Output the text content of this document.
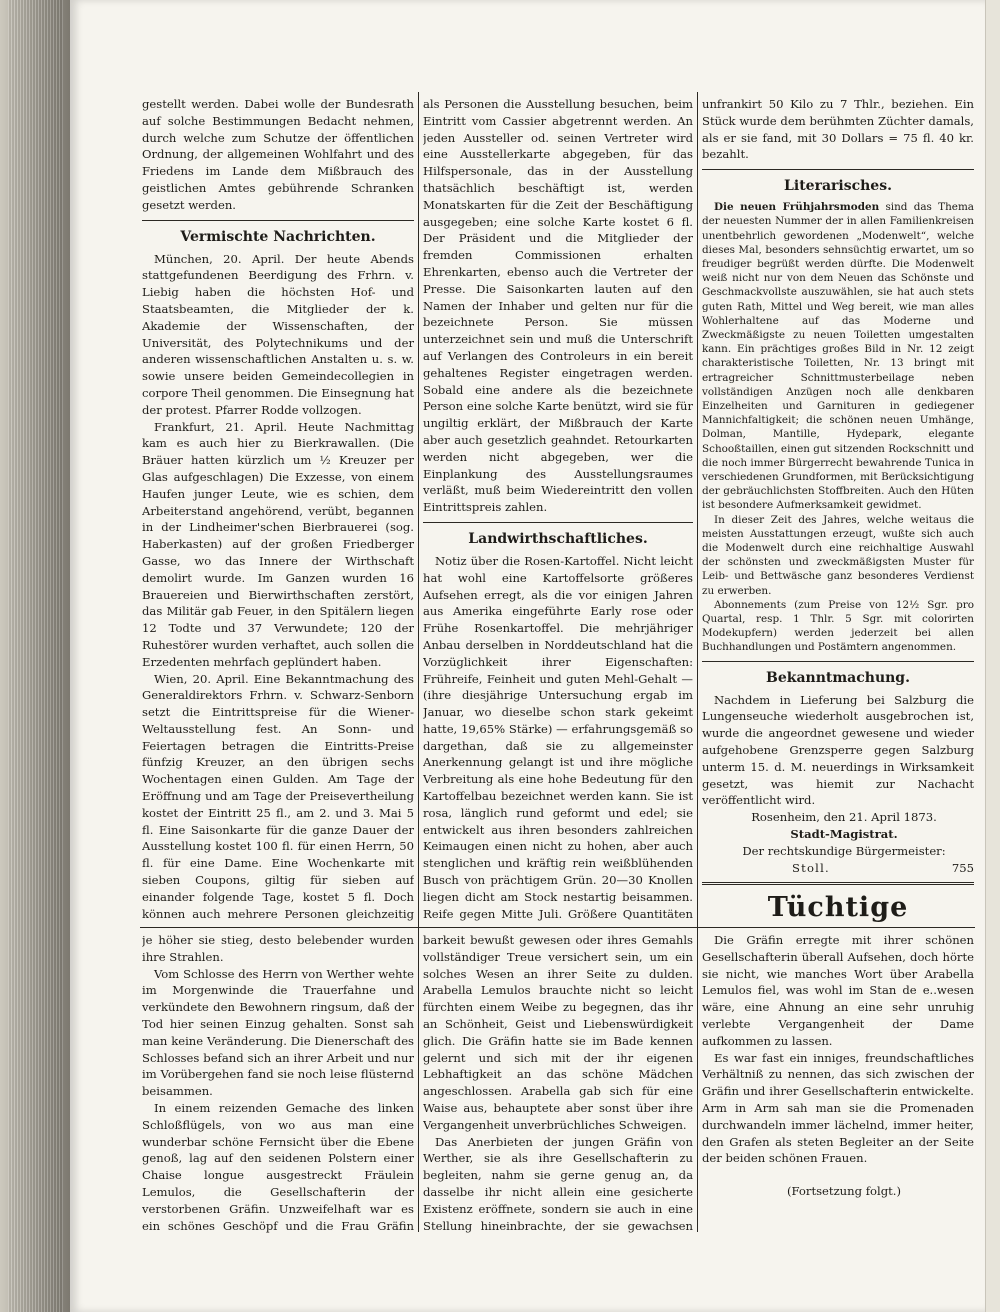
gestellt werden. Dabei wolle der Bundesrath auf solche Bestimmungen Bedacht nehmen, durch welche zum Schutze der öffentlichen Ordnung, der allgemeinen Wohlfahrt und des Friedens im Lande dem Mißbrauch des geistlichen Amtes gebührende Schranken gesetzt werden.

Vermischte Nachrichten.

München, 20. April. Der heute Abends stattgefundenen Beerdigung des Frhrn. v. Liebig haben die höchsten Hof- und Staatsbeamten, die Mitglieder der k. Akademie der Wissenschaften, der Universität, des Polytechnikums und der anderen wissenschaftlichen Anstalten u. s. w. sowie unsere beiden Gemeindecollegien in corpore Theil genommen. Die Einsegnung hat der protest. Pfarrer Rodde vollzogen.

Frankfurt, 21. April. Heute Nachmittag kam es auch hier zu Bierkrawallen. (Die Bräuer hatten kürzlich um ½ Kreuzer per Glas aufgeschlagen) Die Exzesse, von einem Haufen junger Leute, wie es schien, dem Arbeiterstand angehörend, verübt, begannen in der Lindheimer'schen Bierbrauerei (sog. Haberkasten) auf der großen Friedberger Gasse, wo das Innere der Wirthschaft demolirt wurde. Im Ganzen wurden 16 Brauereien und Bierwirthschaften zerstört, das Militär gab Feuer, in den Spitälern liegen 12 Todte und 37 Verwundete; 120 der Ruhestörer wurden verhaftet, auch sollen die Erzedenten mehrfach geplündert haben.

Wien, 20. April. Eine Bekanntmachung des Generaldirektors Frhrn. v. Schwarz-Senborn setzt die Eintrittspreise für die Wiener-Weltausstellung fest. An Sonn- und Feiertagen betragen die Eintritts-Preise fünfzig Kreuzer, an den übrigen sechs Wochentagen einen Gulden. Am Tage der Eröffnung und am Tage der Preisevertheilung kostet der Eintritt 25 fl., am 2. und 3. Mai 5 fl. Eine Saisonkarte für die ganze Dauer der Ausstellung kostet 100 fl. für einen Herrn, 50 fl. für eine Dame. Eine Wochenkarte mit sieben Coupons, giltig für sieben auf einander folgende Tage, kostet 5 fl. Doch können auch mehrere Personen gleichzeitig

als Personen die Ausstellung besuchen, beim Eintritt vom Cassier abgetrennt werden. An jeden Aussteller od. seinen Vertreter wird eine Ausstellerkarte abgegeben, für das Hilfspersonale, das in der Ausstellung thatsächlich beschäftigt ist, werden Monatskarten für die Zeit der Beschäftigung ausgegeben; eine solche Karte kostet 6 fl. Der Präsident und die Mitglieder der fremden Commissionen erhalten Ehrenkarten, ebenso auch die Vertreter der Presse. Die Saisonkarten lauten auf den Namen der Inhaber und gelten nur für die bezeichnete Person. Sie müssen unterzeichnet sein und muß die Unterschrift auf Verlangen des Controleurs in ein bereit gehaltenes Register eingetragen werden. Sobald eine andere als die bezeichnete Person eine solche Karte benützt, wird sie für ungiltig erklärt, der Mißbrauch der Karte aber auch gesetzlich geahndet. Retourkarten werden nicht abgegeben, wer die Einplankung des Ausstellungsraumes verläßt, muß beim Wiedereintritt den vollen Eintrittspreis zahlen.

Landwirthschaftliches.

Notiz über die Rosen-Kartoffel. Nicht leicht hat wohl eine Kartoffelsorte größeres Aufsehen erregt, als die vor einigen Jahren aus Amerika eingeführte Early rose oder Frühe Rosenkartoffel. Die mehrjähriger Anbau derselben in Norddeutschland hat die Vorzüglichkeit ihrer Eigenschaften: Frühreife, Feinheit und guten Mehl-Gehalt — (ihre diesjährige Untersuchung ergab im Januar, wo dieselbe schon stark gekeimt hatte, 19,65% Stärke) — erfahrungsgemäß so dargethan, daß sie zu allgemeinster Anerkennung gelangt ist und ihre mögliche Verbreitung als eine hohe Bedeutung für den Kartoffelbau bezeichnet werden kann. Sie ist rosa, länglich rund geformt und edel; sie entwickelt aus ihren besonders zahlreichen Keimaugen einen nicht zu hohen, aber auch stenglichen und kräftig rein weißblühenden Busch von prächtigem Grün. 20—30 Knollen liegen dicht am Stock nestartig beisammen. Reife gegen Mitte Juli. Größere Quantitäten

unfrankirt 50 Kilo zu 7 Thlr., beziehen. Ein Stück wurde dem berühmten Züchter damals, als er sie fand, mit 30 Dollars = 75 fl. 40 kr. bezahlt.

Literarisches.

Die neuen Frühjahrsmoden sind das Thema der neuesten Nummer der in allen Familienkreisen unentbehrlich gewordenen „Modenwelt“, welche dieses Mal, besonders sehnsüchtig erwartet, um so freudiger begrüßt werden dürfte. Die Modenwelt weiß nicht nur von dem Neuen das Schönste und Geschmackvollste auszuwählen, sie hat auch stets guten Rath, Mittel und Weg bereit, wie man alles Wohlerhaltene auf das Moderne und Zweckmäßigste zu neuen Toiletten umgestalten kann. Ein prächtiges großes Bild in Nr. 12 zeigt charakteristische Toiletten, Nr. 13 bringt mit ertragreicher Schnittmusterbeilage neben vollständigen Anzügen noch alle denkbaren Einzelheiten und Garnituren in gediegener Mannichfaltigkeit; die schönen neuen Umhänge, Dolman, Mantille, Hydepark, elegante Schooßtaillen, einen gut sitzenden Rockschnitt und die noch immer Bürgerrecht bewahrende Tunica in verschiedenen Grundformen, mit Berücksichtigung der gebräuchlichsten Stoffbreiten. Auch den Hüten ist besondere Aufmerksamkeit gewidmet.

In dieser Zeit des Jahres, welche weitaus die meisten Ausstattungen erzeugt, wußte sich auch die Modenwelt durch eine reichhaltige Auswahl der schönsten und zweckmäßigsten Muster für Leib- und Bettwäsche ganz besonderes Verdienst zu erwerben.

Abonnements (zum Preise von 12½ Sgr. pro Quartal, resp. 1 Thlr. 5 Sgr. mit colorirten Modekupfern) werden jederzeit bei allen Buchhandlungen und Postämtern angenommen.

Bekanntmachung.

Nachdem in Lieferung bei Salzburg die Lungenseuche wiederholt ausgebrochen ist, wurde die angeordnet gewesene und wieder aufgehobene Grenzsperre gegen Salzburg unterm 15. d. M. neuerdings in Wirksamkeit gesetzt, was hiemit zur Nachacht veröffentlicht wird.

Rosenheim, den 21. April 1873.

Stadt-Magistrat.

Der rechtskundige Bürgermeister:

Stoll.	755
Tüchtige

je höher sie stieg, desto belebender wurden ihre Strahlen.

Vom Schlosse des Herrn von Werther wehte im Morgenwinde die Trauerfahne und verkündete den Bewohnern ringsum, daß der Tod hier seinen Einzug gehalten. Sonst sah man keine Veränderung. Die Dienerschaft des Schlosses befand sich an ihrer Arbeit und nur im Vorübergehen fand sie noch leise flüsternd beisammen.

In einem reizenden Gemache des linken Schloßflügels, von wo aus man eine wunderbar schöne Fernsicht über die Ebene genoß, lag auf den seidenen Polstern einer Chaise longue ausgestreckt Fräulein Lemulos, die Gesellschafterin der verstorbenen Gräfin. Unzweifelhaft war es ein schönes Geschöpf und die Frau Gräfin

barkeit bewußt gewesen oder ihres Gemahls vollständiger Treue versichert sein, um ein solches Wesen an ihrer Seite zu dulden. Arabella Lemulos brauchte nicht so leicht fürchten einem Weibe zu begegnen, das ihr an Schönheit, Geist und Liebenswürdigkeit glich. Die Gräfin hatte sie im Bade kennen gelernt und sich mit der ihr eigenen Lebhaftigkeit an das schöne Mädchen angeschlossen. Arabella gab sich für eine Waise aus, behauptete aber sonst über ihre Vergangenheit unverbrüchliches Schweigen.

Das Anerbieten der jungen Gräfin von Werther, sie als ihre Gesellschafterin zu begleiten, nahm sie gerne genug an, da dasselbe ihr nicht allein eine gesicherte Existenz eröffnete, sondern sie auch in eine Stellung hineinbrachte, der sie gewachsen

Die Gräfin erregte mit ihrer schönen Gesellschafterin überall Aufsehen, doch hörte sie nicht, wie manches Wort über Arabella Lemulos fiel, was wohl im Stan de e..wesen wäre, eine Ahnung an eine sehr unruhig verlebte Vergangenheit der Dame aufkommen zu lassen.

Es war fast ein inniges, freundschaftliches Verhältniß zu nennen, das sich zwischen der Gräfin und ihrer Gesellschafterin entwickelte. Arm in Arm sah man sie die Promenaden durchwandeln immer lächelnd, immer heiter, den Grafen als steten Begleiter an der Seite der beiden schönen Frauen.

(Fortsetzung folgt.)
